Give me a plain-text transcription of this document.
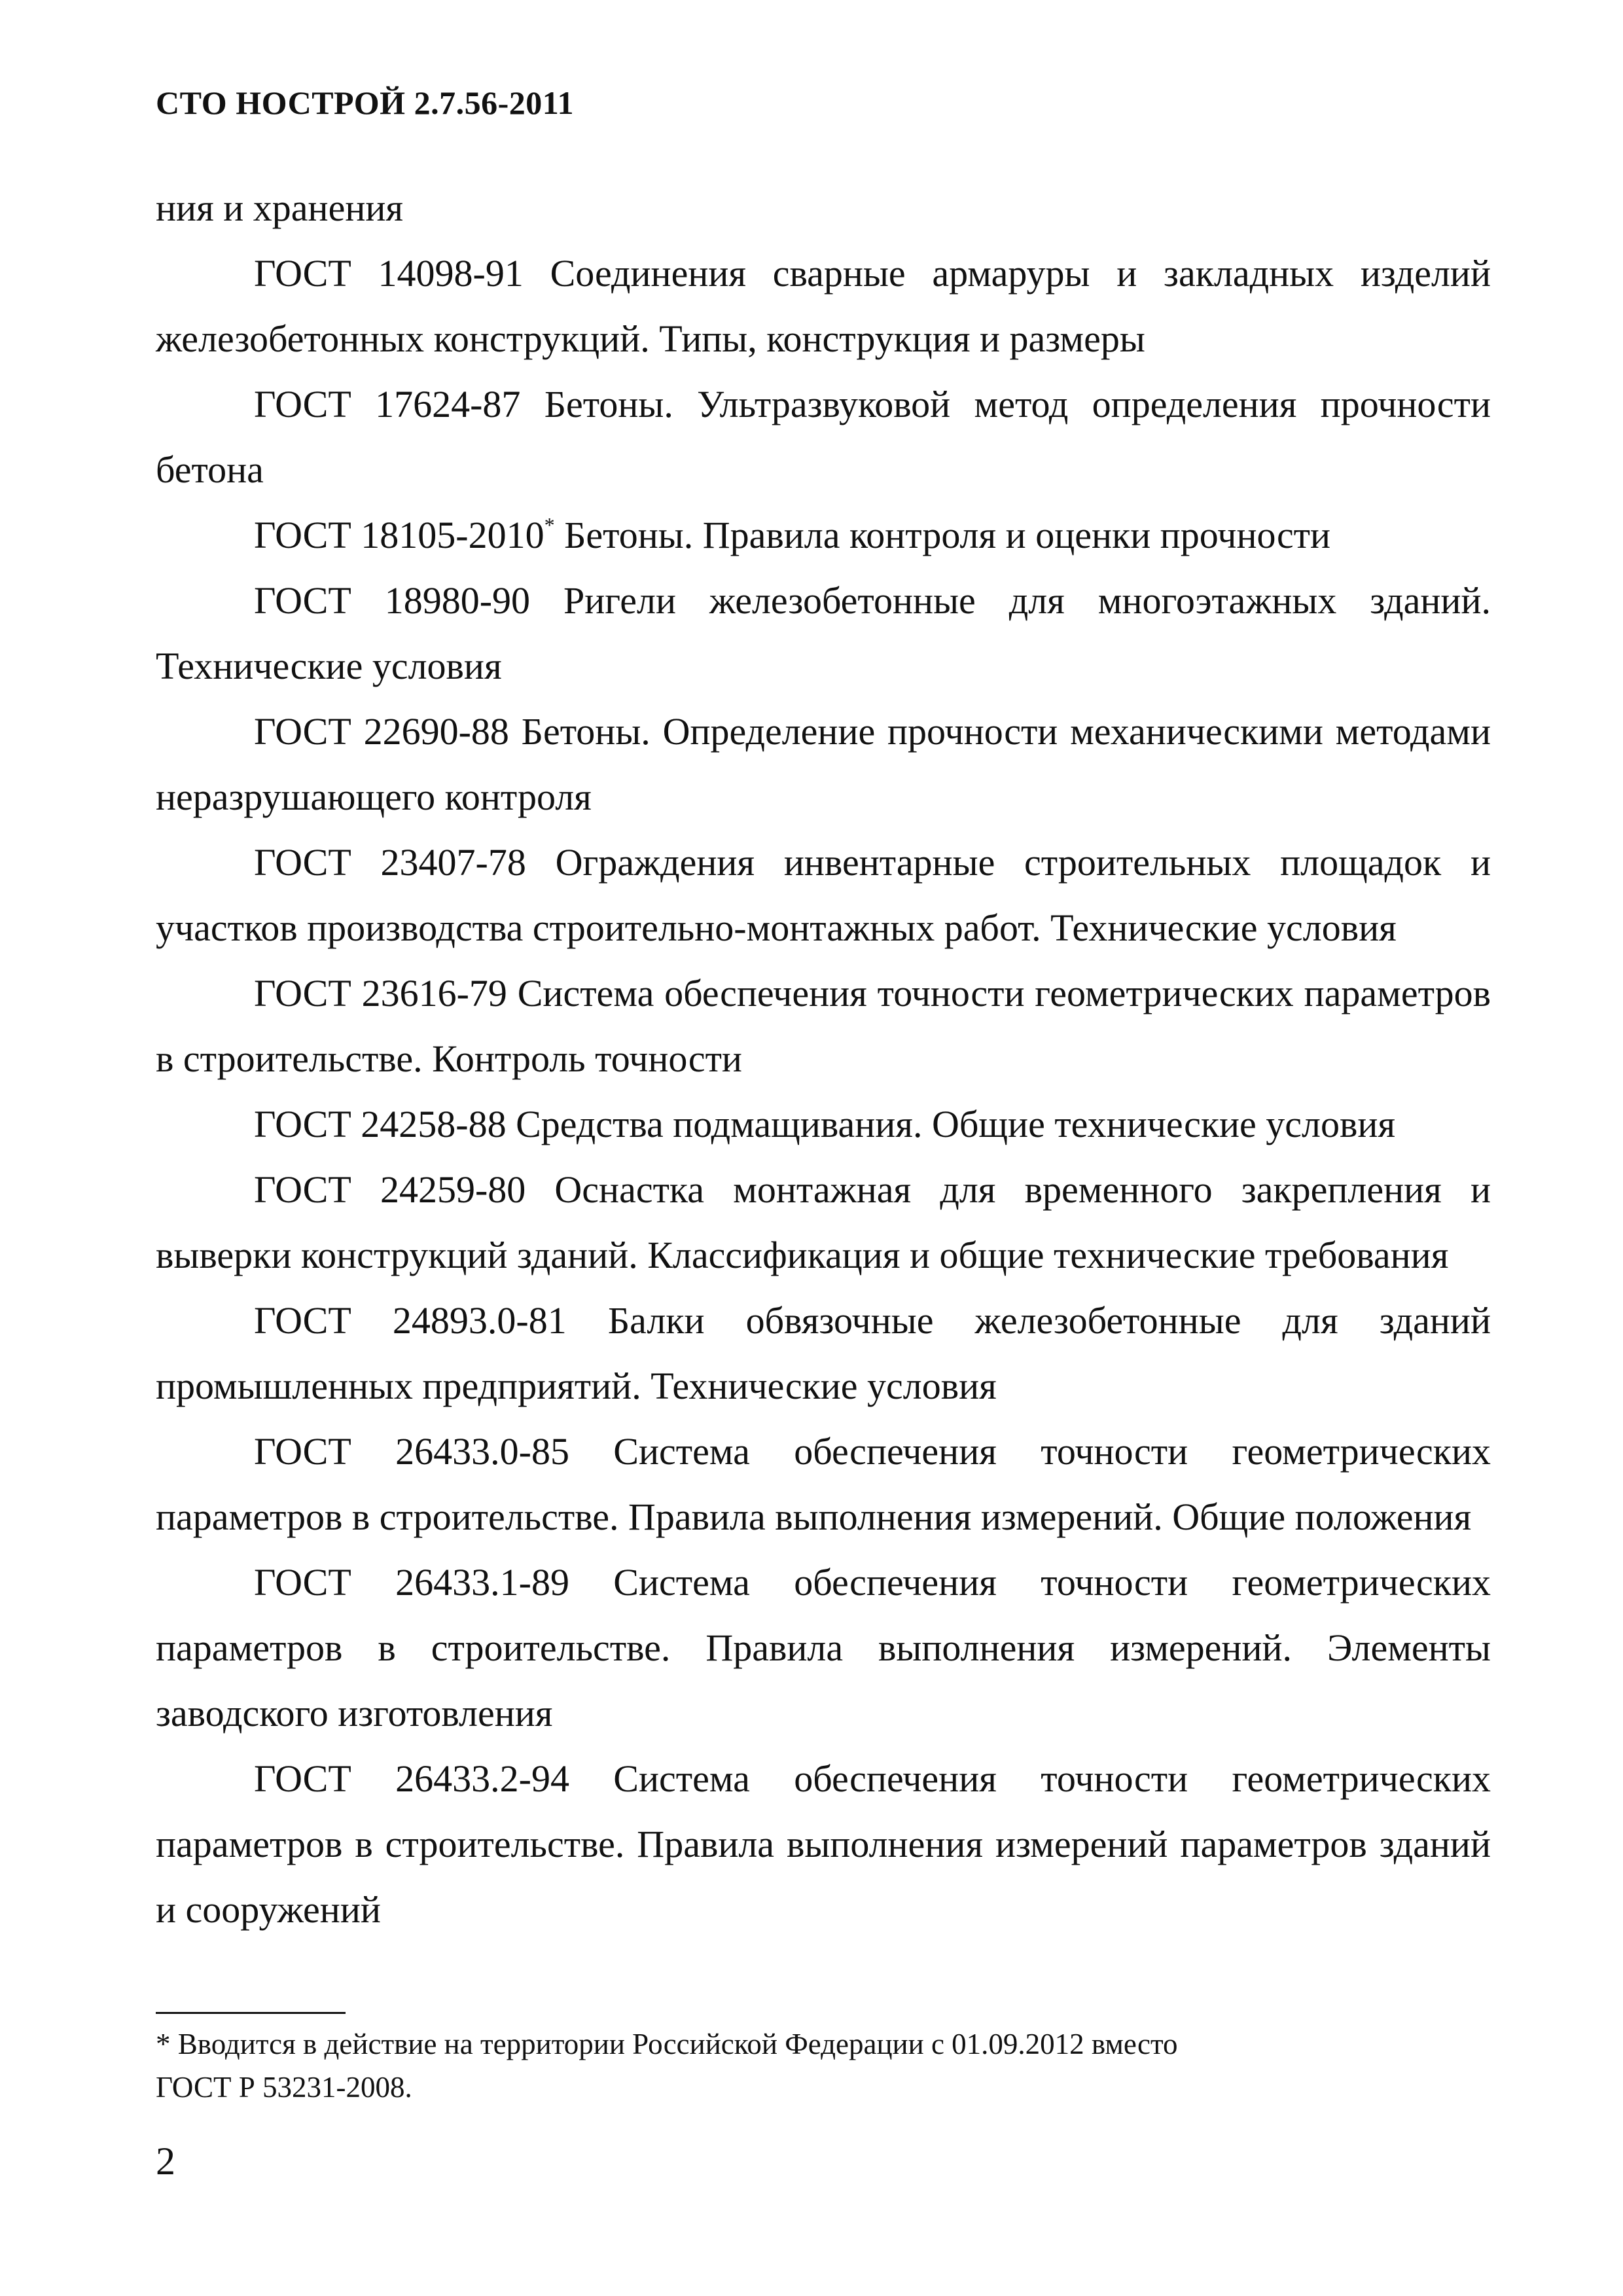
СТО НОСТРОЙ 2.7.56-2011

ния и хранения

ГОСТ 14098-91 Соединения сварные армаруры и закладных изделий железобетонных конструкций. Типы, конструкция и размеры

ГОСТ 17624-87 Бетоны. Ультразвуковой метод определения прочности бетона

ГОСТ 18105-2010* Бетоны. Правила контроля и оценки прочности

ГОСТ 18980-90 Ригели железобетонные для многоэтажных зданий. Технические условия

ГОСТ 22690-88 Бетоны. Определение прочности механическими методами неразрушающего контроля

ГОСТ 23407-78 Ограждения инвентарные строительных площадок и участков производства строительно-монтажных работ. Технические условия

ГОСТ 23616-79 Система обеспечения точности геометрических параметров в строительстве. Контроль точности

ГОСТ 24258-88 Средства подмащивания. Общие технические условия

ГОСТ 24259-80 Оснастка монтажная для временного закрепления и выверки конструкций зданий. Классификация и общие технические требования

ГОСТ 24893.0-81 Балки обвязочные железобетонные для зданий промышленных предприятий. Технические условия

ГОСТ 26433.0-85 Система обеспечения точности геометрических параметров в строительстве. Правила выполнения измерений. Общие положения

ГОСТ 26433.1-89 Система обеспечения точности геометрических параметров в строительстве. Правила выполнения измерений. Элементы заводского изготовления

ГОСТ 26433.2-94 Система обеспечения точности геометрических параметров в строительстве. Правила выполнения измерений параметров зданий и сооружений

* Вводится в действие на территории Российской Федерации с 01.09.2012 вместо

ГОСТ Р 53231-2008.

2
